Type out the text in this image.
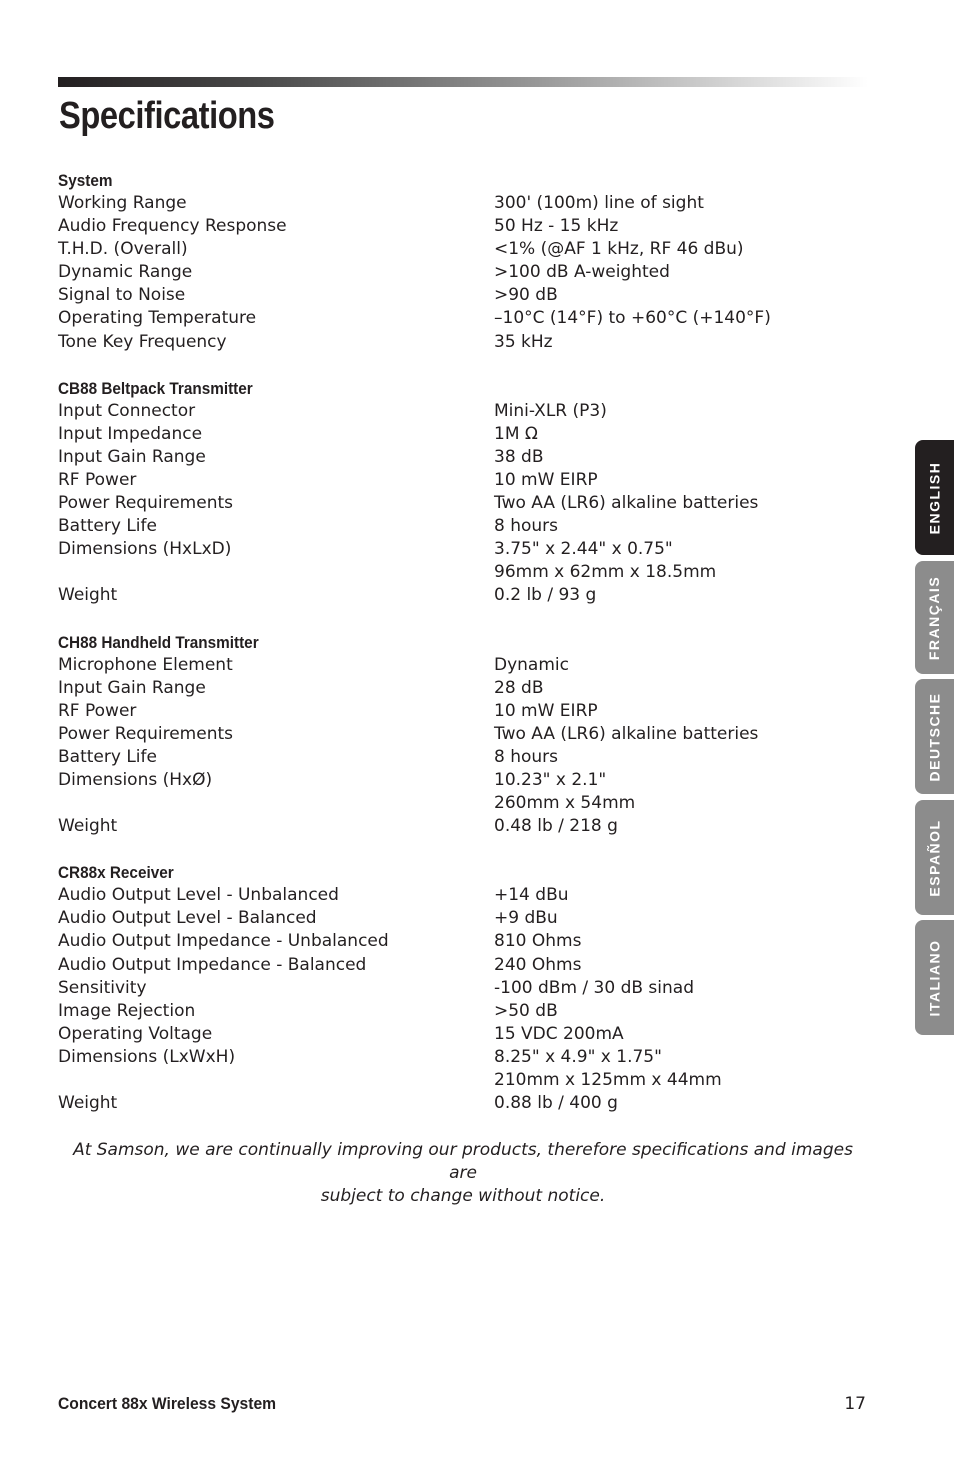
Specifications
System
Working Range	300' (100m) line of sight
Audio Frequency Response	50 Hz - 15 kHz
T.H.D. (Overall)	<1% (@AF 1 kHz, RF 46 dBu)
Dynamic Range	>100 dB A-weighted
Signal to Noise	>90 dB
Operating Temperature	–10°C (14°F) to +60°C (+140°F)
Tone Key Frequency	35 kHz
CB88 Beltpack Transmitter
Input Connector	Mini-XLR (P3)
Input Impedance	1M Ω
Input Gain Range	38 dB
RF Power	10 mW EIRP
Power Requirements	Two AA (LR6) alkaline batteries
Battery Life	8 hours
Dimensions (HxLxD)	3.75" x 2.44" x 0.75"
96mm x 62mm x 18.5mm
Weight	0.2 lb / 93 g
CH88 Handheld Transmitter
Microphone Element	Dynamic
Input Gain Range	28 dB
RF Power	10 mW EIRP
Power Requirements	Two AA (LR6) alkaline batteries
Battery Life	8 hours
Dimensions (HxØ)	10.23" x 2.1"
260mm x 54mm
Weight	0.48 lb / 218 g
CR88x Receiver
Audio Output Level - Unbalanced	+14 dBu
Audio Output Level - Balanced	+9 dBu
Audio Output Impedance - Unbalanced	810 Ohms
Audio Output Impedance - Balanced	240 Ohms
Sensitivity	-100 dBm / 30 dB sinad
Image Rejection	>50 dB
Operating Voltage	15 VDC 200mA
Dimensions (LxWxH)	8.25" x 4.9" x 1.75"
210mm x 125mm x 44mm
Weight	0.88 lb / 400 g
At Samson, we are continually improving our products, therefore specifications and images are
subject to change without notice.
Concert 88x Wireless System	17
ENGLISH
FRANÇAIS
DEUTSCHE
ESPAÑOL
ITALIANO
